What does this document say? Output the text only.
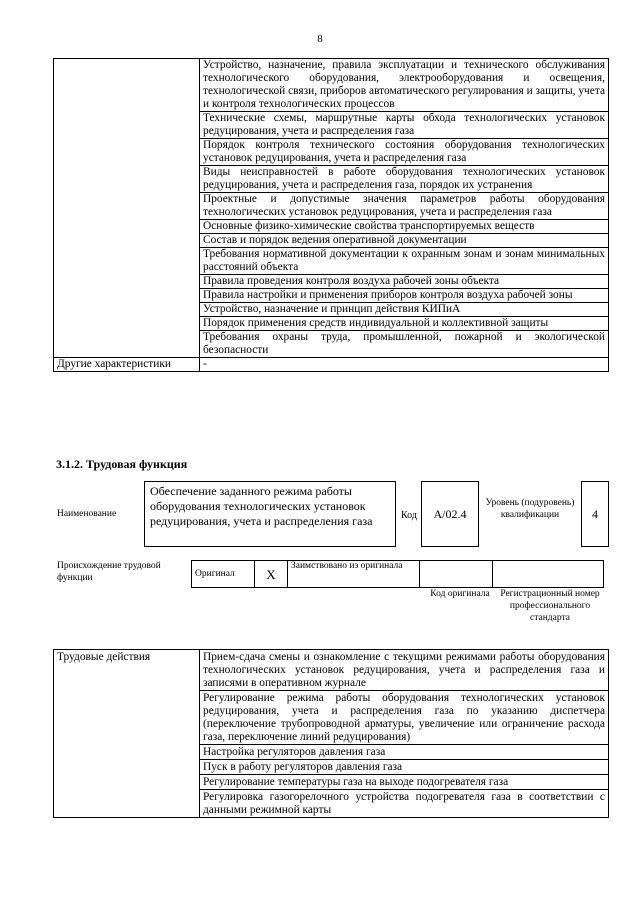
8
	Устройство, назначение, правила эксплуатации и технического обслуживания технологического оборудования, электрооборудования и освещения, технологической связи, приборов автоматического регулирования и защиты, учета и контроля технологических процессов
	Технические схемы, маршрутные карты обхода технологических установок редуцирования, учета и распределения газа
	Порядок контроля технического состояния оборудования технологических установок редуцирования, учета и распределения газа
	Виды неисправностей в работе оборудования технологических установок редуцирования, учета и распределения газа, порядок их устранения
	Проектные и допустимые значения параметров работы оборудования технологических установок редуцирования, учета и распределения газа
	Основные физико-химические свойства транспортируемых веществ
	Состав и порядок ведения оперативной документации
	Требования нормативной документации к охранным зонам и зонам минимальных расстояний объекта
	Правила проведения контроля воздуха рабочей зоны объекта
	Правила настройки и применения приборов контроля воздуха рабочей зоны
	Устройство, назначение и принцип действия КИПиА
	Порядок применения средств индивидуальной и коллективной защиты
	Требования охраны труда, промышленной, пожарной и экологической безопасности
Другие характеристики	-
3.1.2. Трудовая функция
Наименование
Обеспечение заданного режима работы оборудования технологических установок редуцирования, учета и распределения газа	Код	А/02.4
Уровень (подуровень) квалификации	4
Происхождение трудовой функции	Оригинал	X	Заимствовано из оригинала		
Код оригинала	Регистрационный номер профессионального стандарта
Трудовые действия	Прием-сдача смены и ознакомление с текущими режимами работы оборудования технологических установок редуцирования, учета и распределения газа и записями в оперативном журнале
Регулирование режима работы оборудования технологических установок редуцирования, учета и распределения газа по указанию диспетчера (переключение трубопроводной арматуры, увеличение или ограничение расхода газа, переключение линий редуцирования)
Настройка регуляторов давления газа
Пуск в работу регуляторов давления газа
Регулирование температуры газа на выходе подогревателя газа
Регулировка газогорелочного устройства подогревателя газа в соответствии с данными режимной карты
